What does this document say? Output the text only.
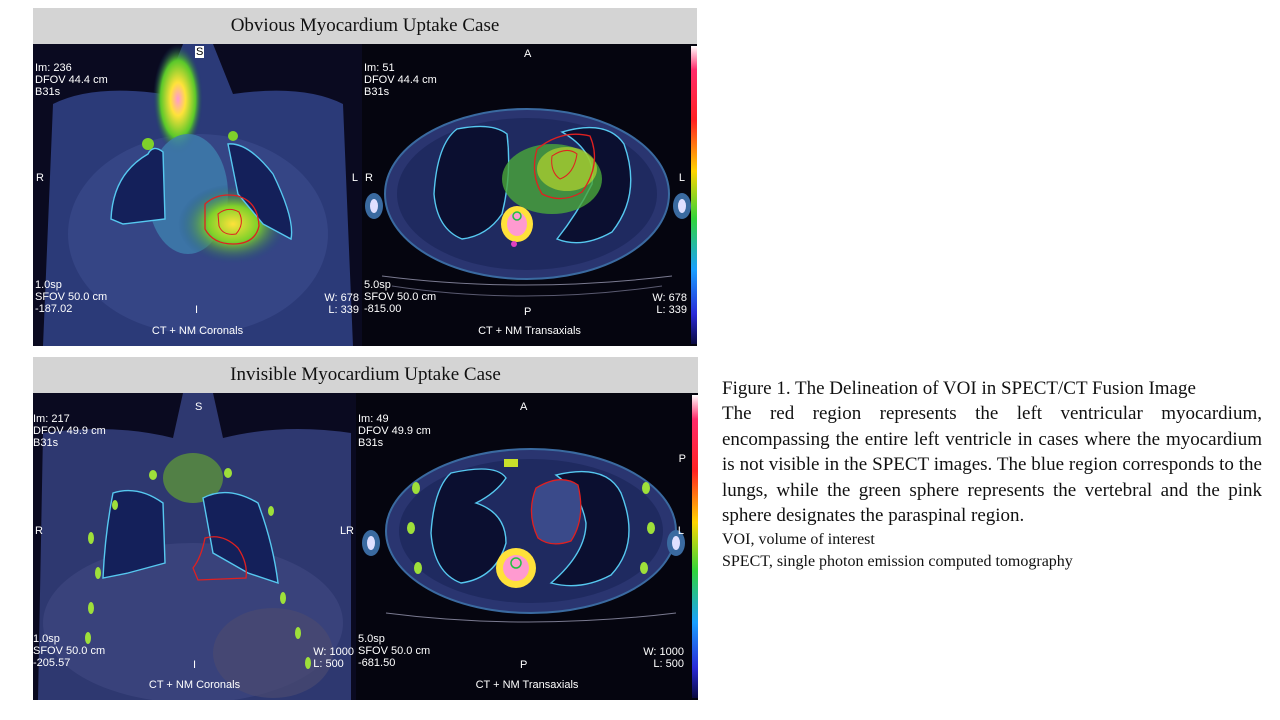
Obvious Myocardium Uptake Case
Im: 236
DFOV 44.4 cm
B31s
1.0sp
SFOV 50.0 cm
-187.02
W: 678
L: 339
S
I
R	L
CT + NM Coronals
Im: 51
DFOV 44.4 cm
B31s
5.0sp
SFOV 50.0 cm
-815.00
W: 678
L: 339
A
P
R	L
CT + NM Transaxials
Invisible Myocardium Uptake Case
Im: 217
DFOV 49.9 cm
B31s
1.0sp
SFOV 50.0 cm
-205.57
W: 1000
L: 500
S
I
R	LR
CT + NM Coronals
Im: 49
DFOV 49.9 cm
B31s
5.0sp
SFOV 50.0 cm
-681.50
W: 1000
L: 500
A
P
L
P
CT + NM Transaxials
Figure 1. The Delineation of VOI in SPECT/CT Fusion Image
The red region represents the left ventricular myocardium, encompassing the entire left ventricle in cases where the myocardium is not visible in the SPECT images. The blue region corresponds to the lungs, while the green sphere represents the vertebral and the pink sphere designates the paraspinal region.
VOI, volume of interest
SPECT, single photon emission computed tomography
